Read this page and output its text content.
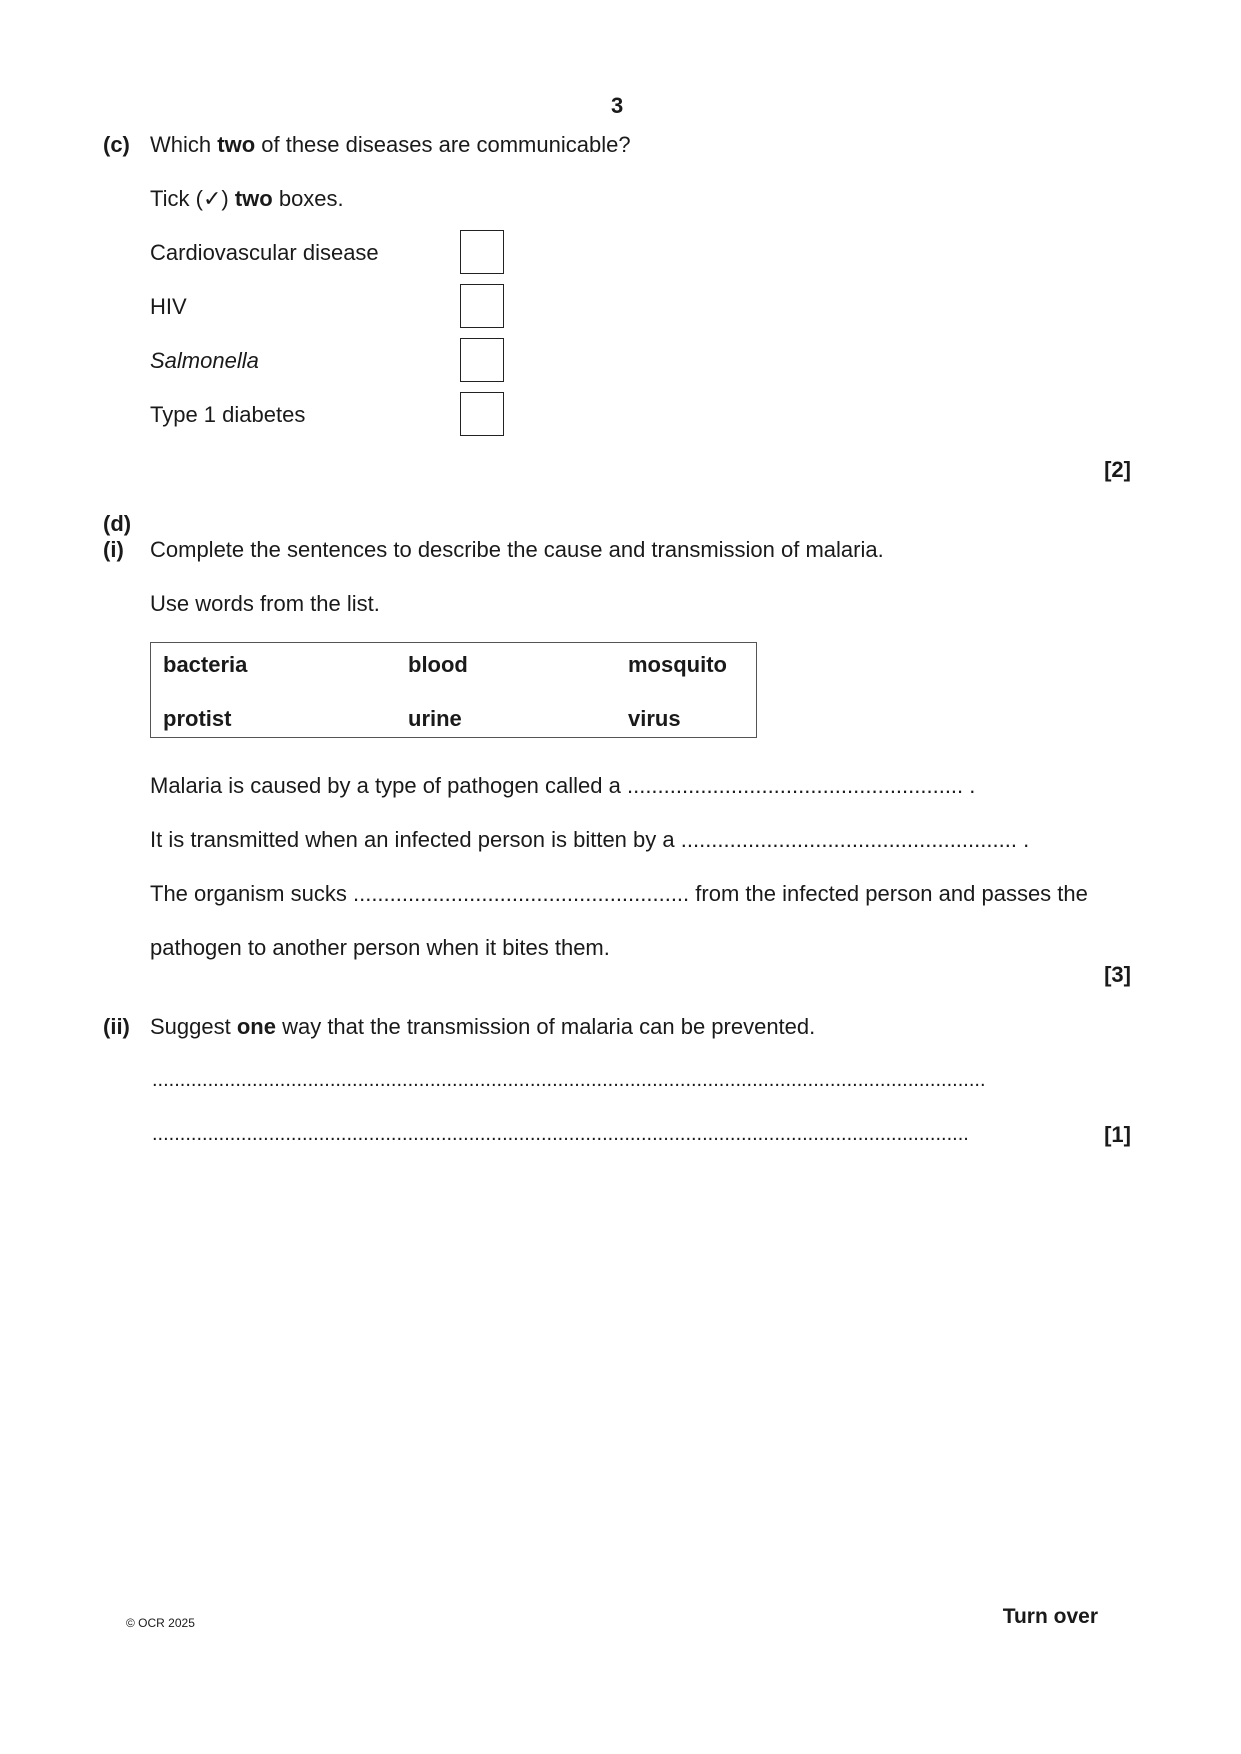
3
(c) Which two of these diseases are communicable?
Tick (✓) two boxes.
Cardiovascular disease
HIV
Salmonella
Type 1 diabetes
[2]
(d)
(i) Complete the sentences to describe the cause and transmission of malaria.
Use words from the list.
bacteria	blood	mosquito
protist	urine	virus
Malaria is caused by a type of pathogen called a ....................................................... .
It is transmitted when an infected person is bitten by a ....................................................... .
The organism sucks ....................................................... from the infected person and passes the
pathogen to another person when it bites them.
[3]
(ii) Suggest one way that the transmission of malaria can be prevented.
......................................................................................................................................................
...................................................................................................................................................	[1]
© OCR 2025	Turn over
